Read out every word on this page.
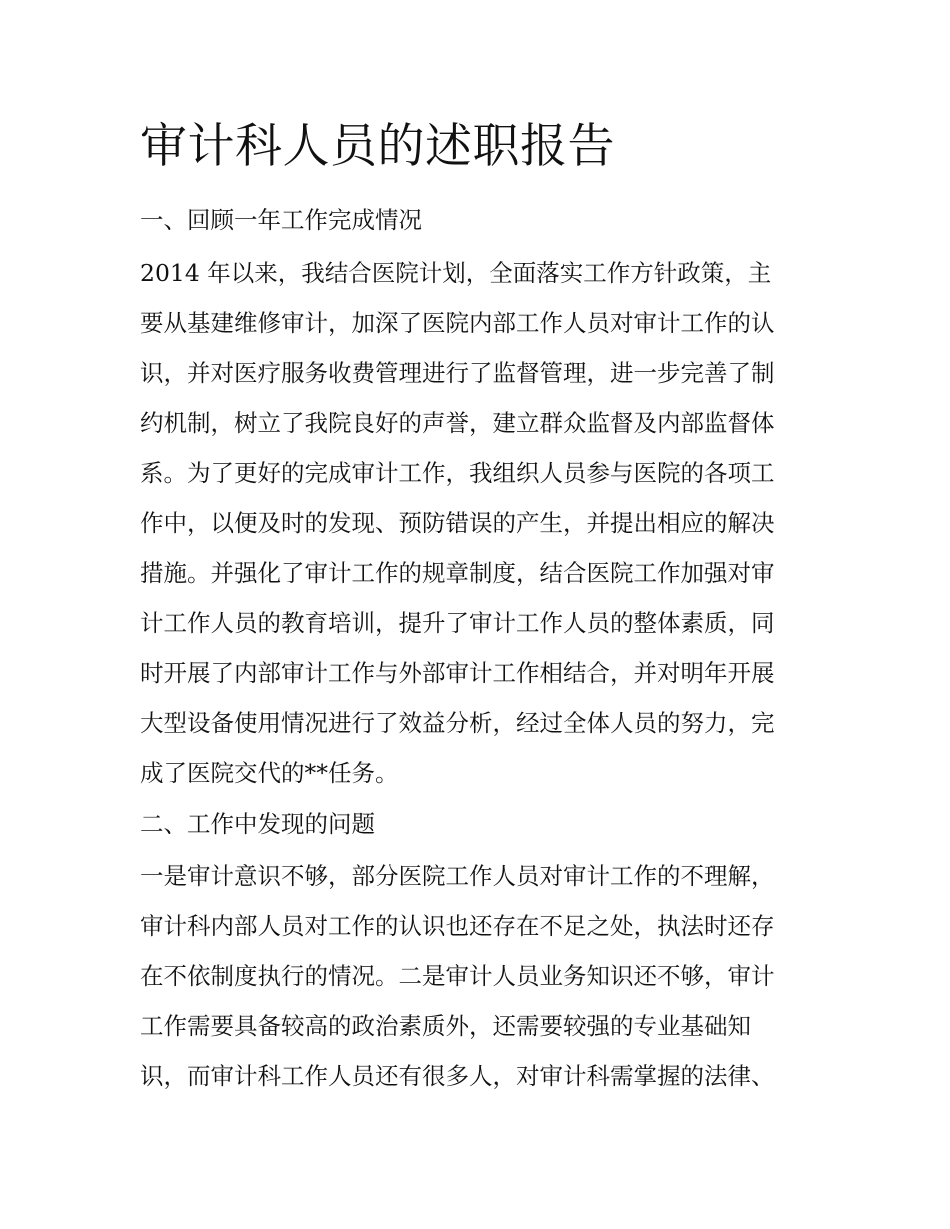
审计科人员的述职报告

一、回顾一年工作完成情况

2014 年以来，我结合医院计划，全面落实工作方针政策，主

要从基建维修审计，加深了医院内部工作人员对审计工作的认

识，并对医疗服务收费管理进行了监督管理，进一步完善了制

约机制，树立了我院良好的声誉，建立群众监督及内部监督体

系。为了更好的完成审计工作，我组织人员参与医院的各项工

作中，以便及时的发现、预防错误的产生，并提出相应的解决

措施。并强化了审计工作的规章制度，结合医院工作加强对审

计工作人员的教育培训，提升了审计工作人员的整体素质，同

时开展了内部审计工作与外部审计工作相结合，并对明年开展

大型设备使用情况进行了效益分析，经过全体人员的努力，完

成了医院交代的**任务。

二、工作中发现的问题

一是审计意识不够，部分医院工作人员对审计工作的不理解，

审计科内部人员对工作的认识也还存在不足之处，执法时还存

在不依制度执行的情况。二是审计人员业务知识还不够，审计

工作需要具备较高的政治素质外，还需要较强的专业基础知

识，而审计科工作人员还有很多人，对审计科需掌握的法律、
